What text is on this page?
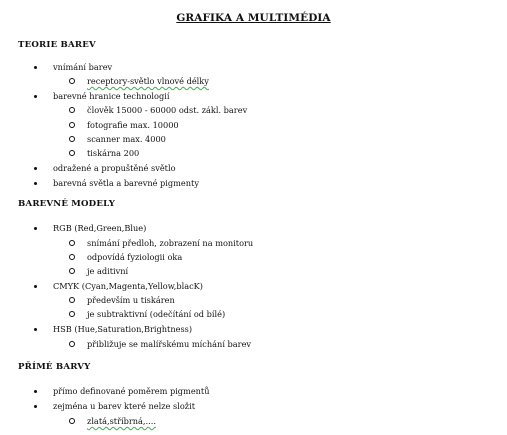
GRAFIKA A MULTIMÉDIA
TEORIE BAREV
vnímání barev
receptory-světlo vlnové délky
barevné hranice technologií
člověk 15000 - 60000 odst. zákl. barev
fotografie max. 10000
scanner max. 4000
tiskárna 200
odražené a propuštěné světlo
barevná světla a barevné pigmenty
BAREVNÉ MODELY
RGB (Red,Green,Blue)
snímání předloh, zobrazení na monitoru
odpovídá fyziologii oka
je aditivní
CMYK (Cyan,Magenta,Yellow,blacK)
především u tiskáren
je subtraktivní (odečítání od bílé)
HSB (Hue,Saturation,Brightness)
přibližuje se malířskému míchání barev
PŘÍMÉ BARVY
přímo definované poměrem pigmentů
zejména u barev které nelze složit
zlatá,stříbrná,....
